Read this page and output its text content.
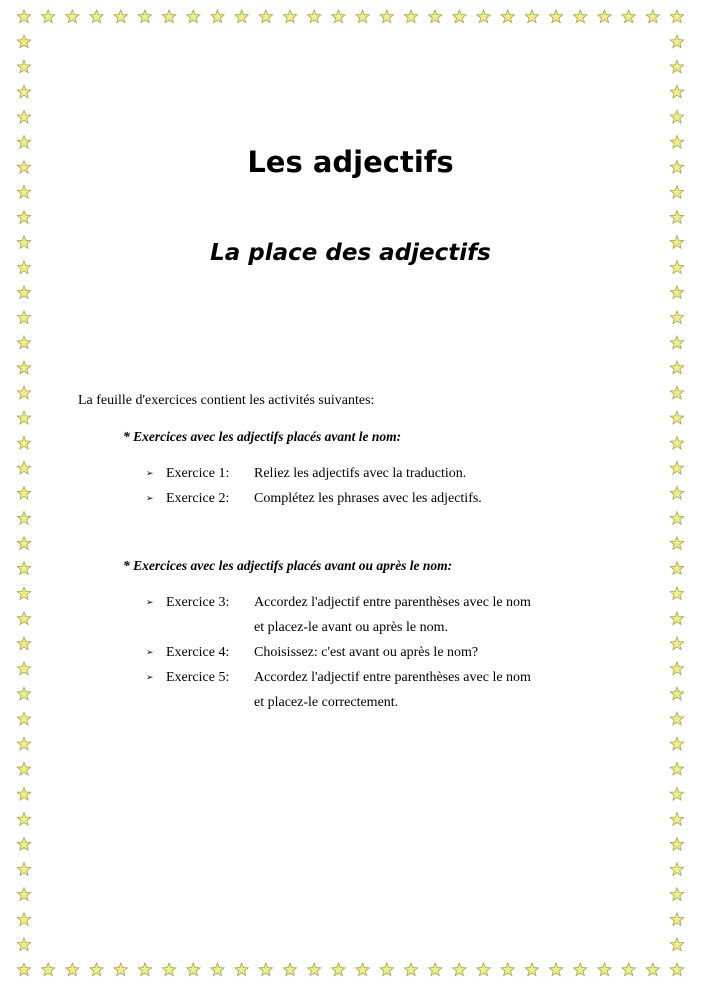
Les adjectifs
La place des adjectifs

La feuille d'exercices contient les activités suivantes:

* Exercices avec les adjectifs placés avant le nom:

➢ Exercice 1:	Reliez les adjectifs avec la traduction.
➢ Exercice 2:	Complétez les phrases avec les adjectifs.

* Exercices avec les adjectifs placés avant ou après le nom:

➢ Exercice 3:	Accordez l'adjectif entre parenthèses avec le nom
et placez-le avant ou après le nom.
➢ Exercice 4:	Choisissez: c'est avant ou après le nom?
➢ Exercice 5:	Accordez l'adjectif entre parenthèses avec le nom
et placez-le correctement.
